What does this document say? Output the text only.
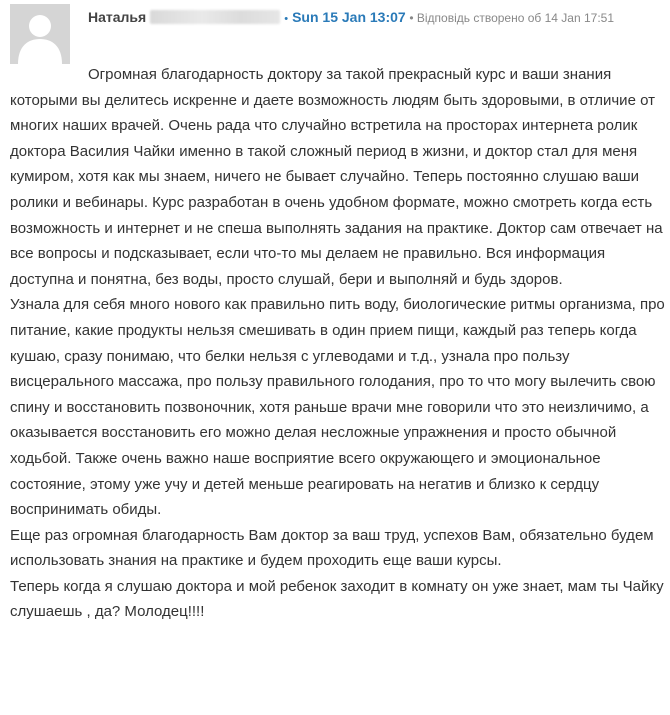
Наталья	• Sun 15 Jan 13:07 • Відповідь створено об 14 Jan 17:51

Огромная благодарность доктору за такой прекрасный курс и ваши знания которыми вы делитесь искренне и даете возможность людям быть здоровыми, в отличие от многих наших врачей. Очень рада что случайно встретила на просторах интернета ролик доктора Василия Чайки именно в такой сложный период в жизни, и доктор стал для меня кумиром, хотя как мы знаем, ничего не бывает случайно. Теперь постоянно слушаю ваши ролики и вебинары. Курс разработан в очень удобном формате, можно смотреть когда есть возможность и интернет и не спеша выполнять задания на практике. Доктор сам отвечает на все вопросы и подсказывает, если что-то мы делаем не правильно. Вся информация доступна и понятна, без воды, просто слушай, бери и выполняй и будь здоров.

Узнала для себя много нового как правильно пить воду, биологические ритмы организма, про питание, какие продукты нельзя смешивать в один прием пищи, каждый раз теперь когда кушаю, сразу понимаю, что белки нельзя с углеводами и т.д., узнала про пользу висцерального массажа, про пользу правильного голодания, про то что могу вылечить свою спину и восстановить позвоночник, хотя раньше врачи мне говорили что это неизличимо, а оказывается восстановить его можно делая несложные упражнения и просто обычной ходьбой. Также очень важно наше восприятие всего окружающего и эмоциональное состояние, этому уже учу и детей меньше реагировать на негатив и близко к сердцу воспринимать обиды.

Еще раз огромная благодарность Вам доктор за ваш труд, успехов Вам, обязательно будем использовать знания на практике и будем проходить еще ваши курсы.

Теперь когда я слушаю доктора и мой ребенок заходит в комнату он уже знает, мам ты Чайку слушаешь , да? Молодец!!!!
